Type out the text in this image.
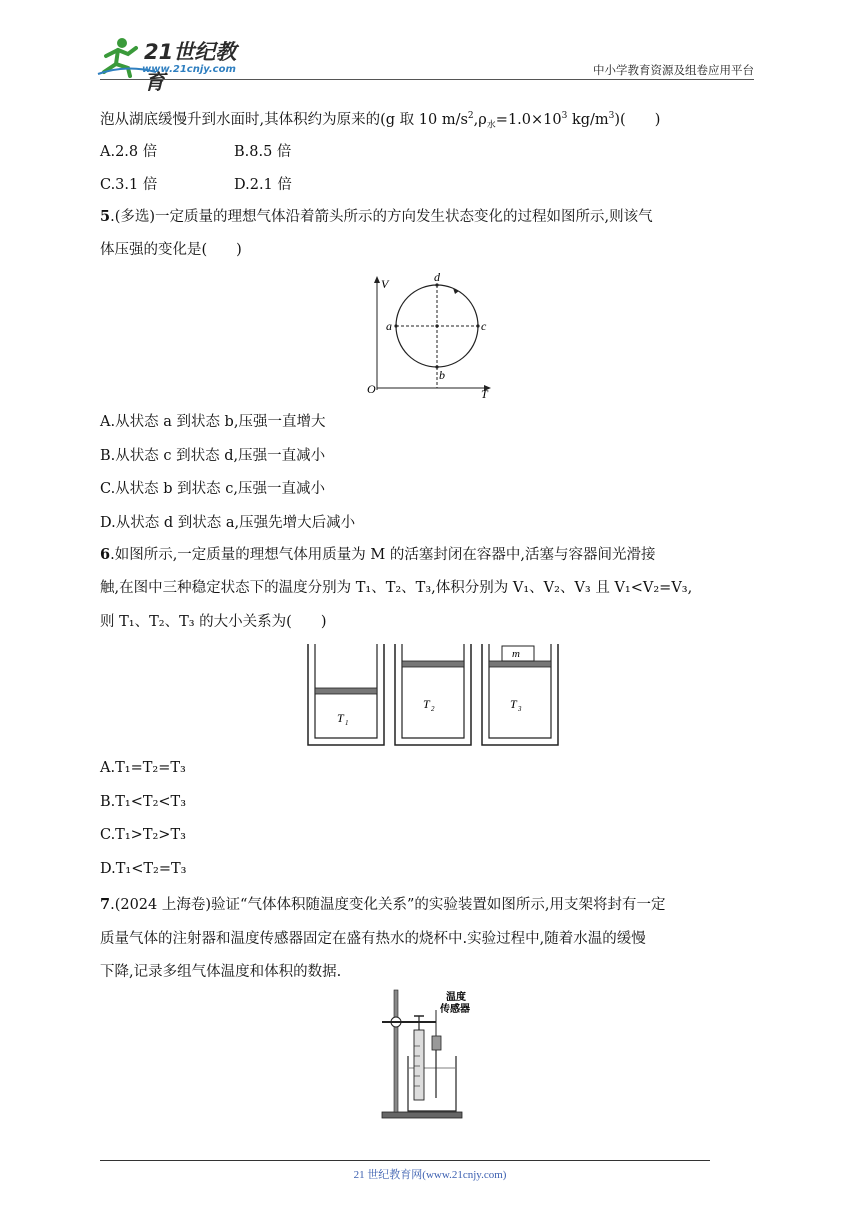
21世纪教育
www.21cnjy.com	中小学教育资源及组卷应用平台
泡从湖底缓慢升到水面时,其体积约为原来的(g 取 10 $m/s^2,\rho_水=1.0\times 10^3$ $kg/m^3$)(　　)
A.2.8 倍	B.8.5 倍
C.3.1 倍	D.2.1 倍
5.(多选)一定质量的理想气体沿着箭头所示的方向发生状态变化的过程如图所示,则该气
体压强的变化是(　　)
V
T
O
a	c
d
b
A.从状态 a 到状态 b,压强一直增大
B.从状态 c 到状态 d,压强一直减小
C.从状态 b 到状态 c,压强一直减小
D.从状态 d 到状态 a,压强先增大后减小
6.如图所示,一定质量的理想气体用质量为 M 的活塞封闭在容器中,活塞与容器间光滑接
触,在图中三种稳定状态下的温度分别为 T₁、T₂、T₃,体积分别为 V₁、V₂、V₃ 且 V₁<V₂=V₃,
则 T₁、T₂、T₃ 的大小关系为(　　)
T 1
T 2
m
T 3
A.T₁=T₂=T₃
B.T₁<T₂<T₃
C.T₁>T₂>T₃
D.T₁<T₂=T₃
7.(2024 上海卷)验证“气体体积随温度变化关系”的实验装置如图所示,用支架将封有一定
质量气体的注射器和温度传感器固定在盛有热水的烧杯中.实验过程中,随着水温的缓慢
下降,记录多组气体温度和体积的数据.
温度
传感器
21 世纪教育网(www.21cnjy.com)
